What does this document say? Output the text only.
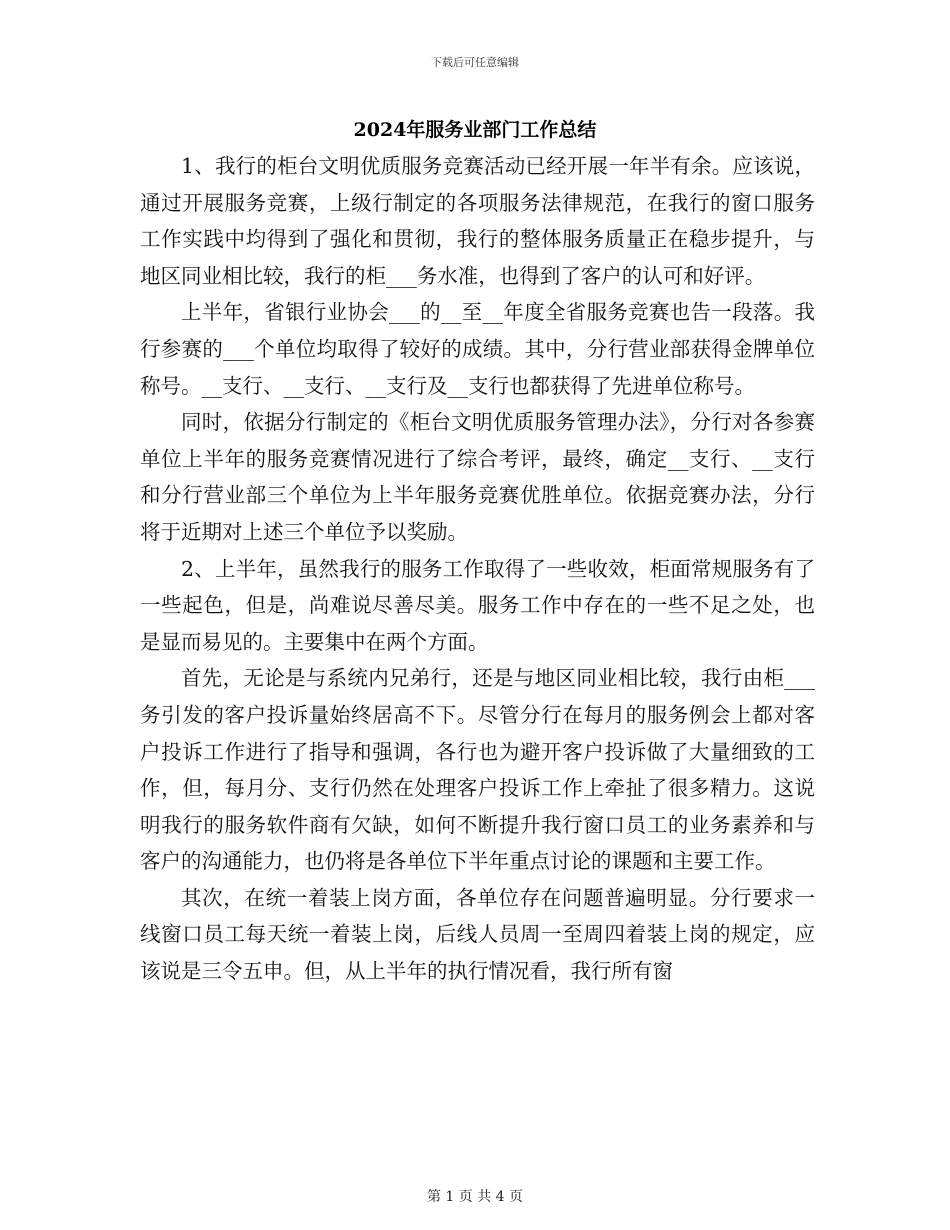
下载后可任意编辑
2024年服务业部门工作总结

1、我行的柜台文明优质服务竞赛活动已经开展一年半有余。应该说，通过开展服务竞赛，上级行制定的各项服务法律规范，在我行的窗口服务工作实践中均得到了强化和贯彻，我行的整体服务质量正在稳步提升，与地区同业相比较，我行的柜___务水准，也得到了客户的认可和好评。

上半年，省银行业协会___的__至__年度全省服务竞赛也告一段落。我行参赛的___个单位均取得了较好的成绩。其中，分行营业部获得金牌单位称号。__支行、__支行、__支行及__支行也都获得了先进单位称号。

同时，依据分行制定的《柜台文明优质服务管理办法》，分行对各参赛单位上半年的服务竞赛情况进行了综合考评，最终，确定__支行、__支行和分行营业部三个单位为上半年服务竞赛优胜单位。依据竞赛办法，分行将于近期对上述三个单位予以奖励。

2、上半年，虽然我行的服务工作取得了一些收效，柜面常规服务有了一些起色，但是，尚难说尽善尽美。服务工作中存在的一些不足之处，也是显而易见的。主要集中在两个方面。

首先，无论是与系统内兄弟行，还是与地区同业相比较，我行由柜___务引发的客户投诉量始终居高不下。尽管分行在每月的服务例会上都对客户投诉工作进行了指导和强调，各行也为避开客户投诉做了大量细致的工作，但，每月分、支行仍然在处理客户投诉工作上牵扯了很多精力。这说明我行的服务软件商有欠缺，如何不断提升我行窗口员工的业务素养和与客户的沟通能力，也仍将是各单位下半年重点讨论的课题和主要工作。

其次，在统一着装上岗方面，各单位存在问题普遍明显。分行要求一线窗口员工每天统一着装上岗，后线人员周一至周四着装上岗的规定，应该说是三令五申。但，从上半年的执行情况看，我行所有窗

第 1 页 共 4 页
